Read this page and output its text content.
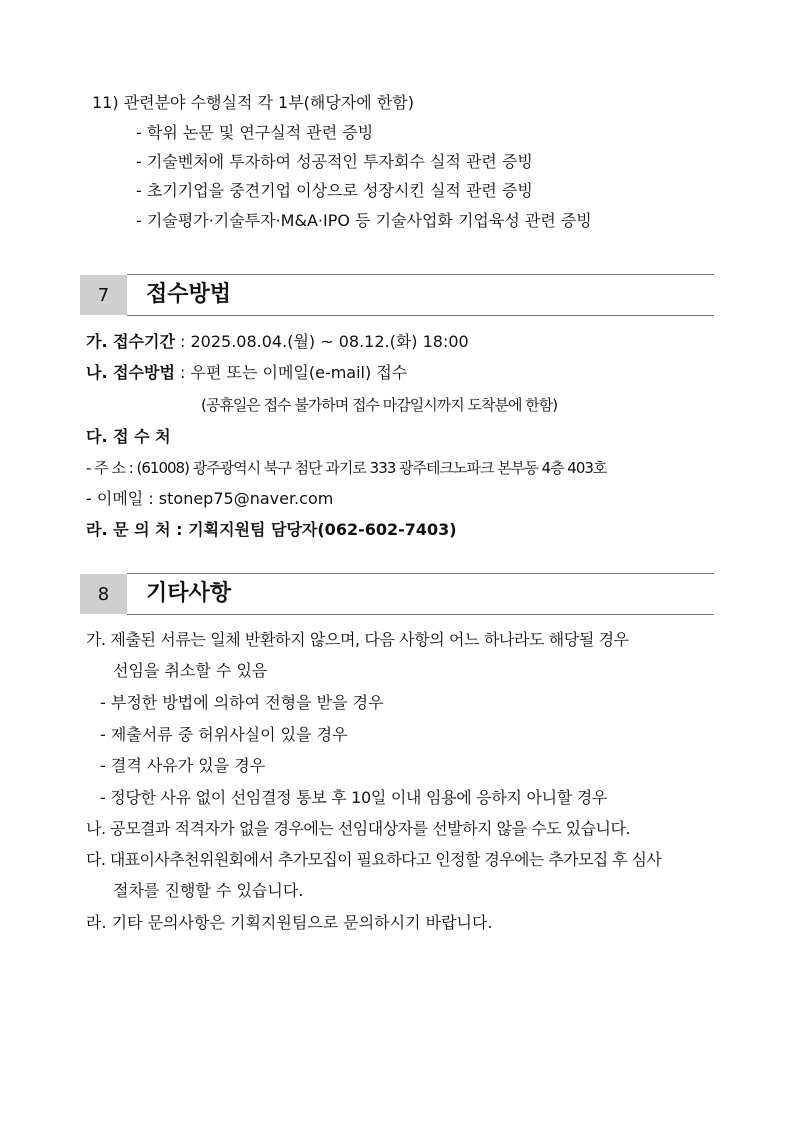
11) 관련분야 수행실적 각 1부(해당자에 한함)
- 학위 논문 및 연구실적 관련 증빙
- 기술벤처에 투자하여 성공적인 투자회수 실적 관련 증빙
- 초기기업을 중견기업 이상으로 성장시킨 실적 관련 증빙
- 기술평가·기술투자·M&A·IPO 등 기술사업화 기업육성 관련 증빙
7	접수방법
가. 접수기간 : 2025.08.04.(월) ~ 08.12.(화) 18:00
나. 접수방법 : 우편 또는 이메일(e-mail) 접수
(공휴일은 접수 불가하며 접수 마감일시까지 도착분에 한함)
다. 접 수 처
- 주 소 : (61008) 광주광역시 북구 첨단 과기로 333 광주테크노파크 본부동 4층 403호
- 이메일 : stonep75@naver.com
라. 문 의 처 : 기획지원팀 담당자(062-602-7403)
8	기타사항
가. 제출된 서류는 일체 반환하지 않으며, 다음 사항의 어느 하나라도 해당될 경우
선임을 취소할 수 있음
- 부정한 방법에 의하여 전형을 받을 경우
- 제출서류 중 허위사실이 있을 경우
- 결격 사유가 있을 경우
- 정당한 사유 없이 선임결정 통보 후 10일 이내 임용에 응하지 아니할 경우
나. 공모결과 적격자가 없을 경우에는 선임대상자를 선발하지 않을 수도 있습니다.
다. 대표이사추천위원회에서 추가모집이 필요하다고 인정할 경우에는 추가모집 후 심사
절차를 진행할 수 있습니다.
라. 기타 문의사항은 기획지원팀으로 문의하시기 바랍니다.
